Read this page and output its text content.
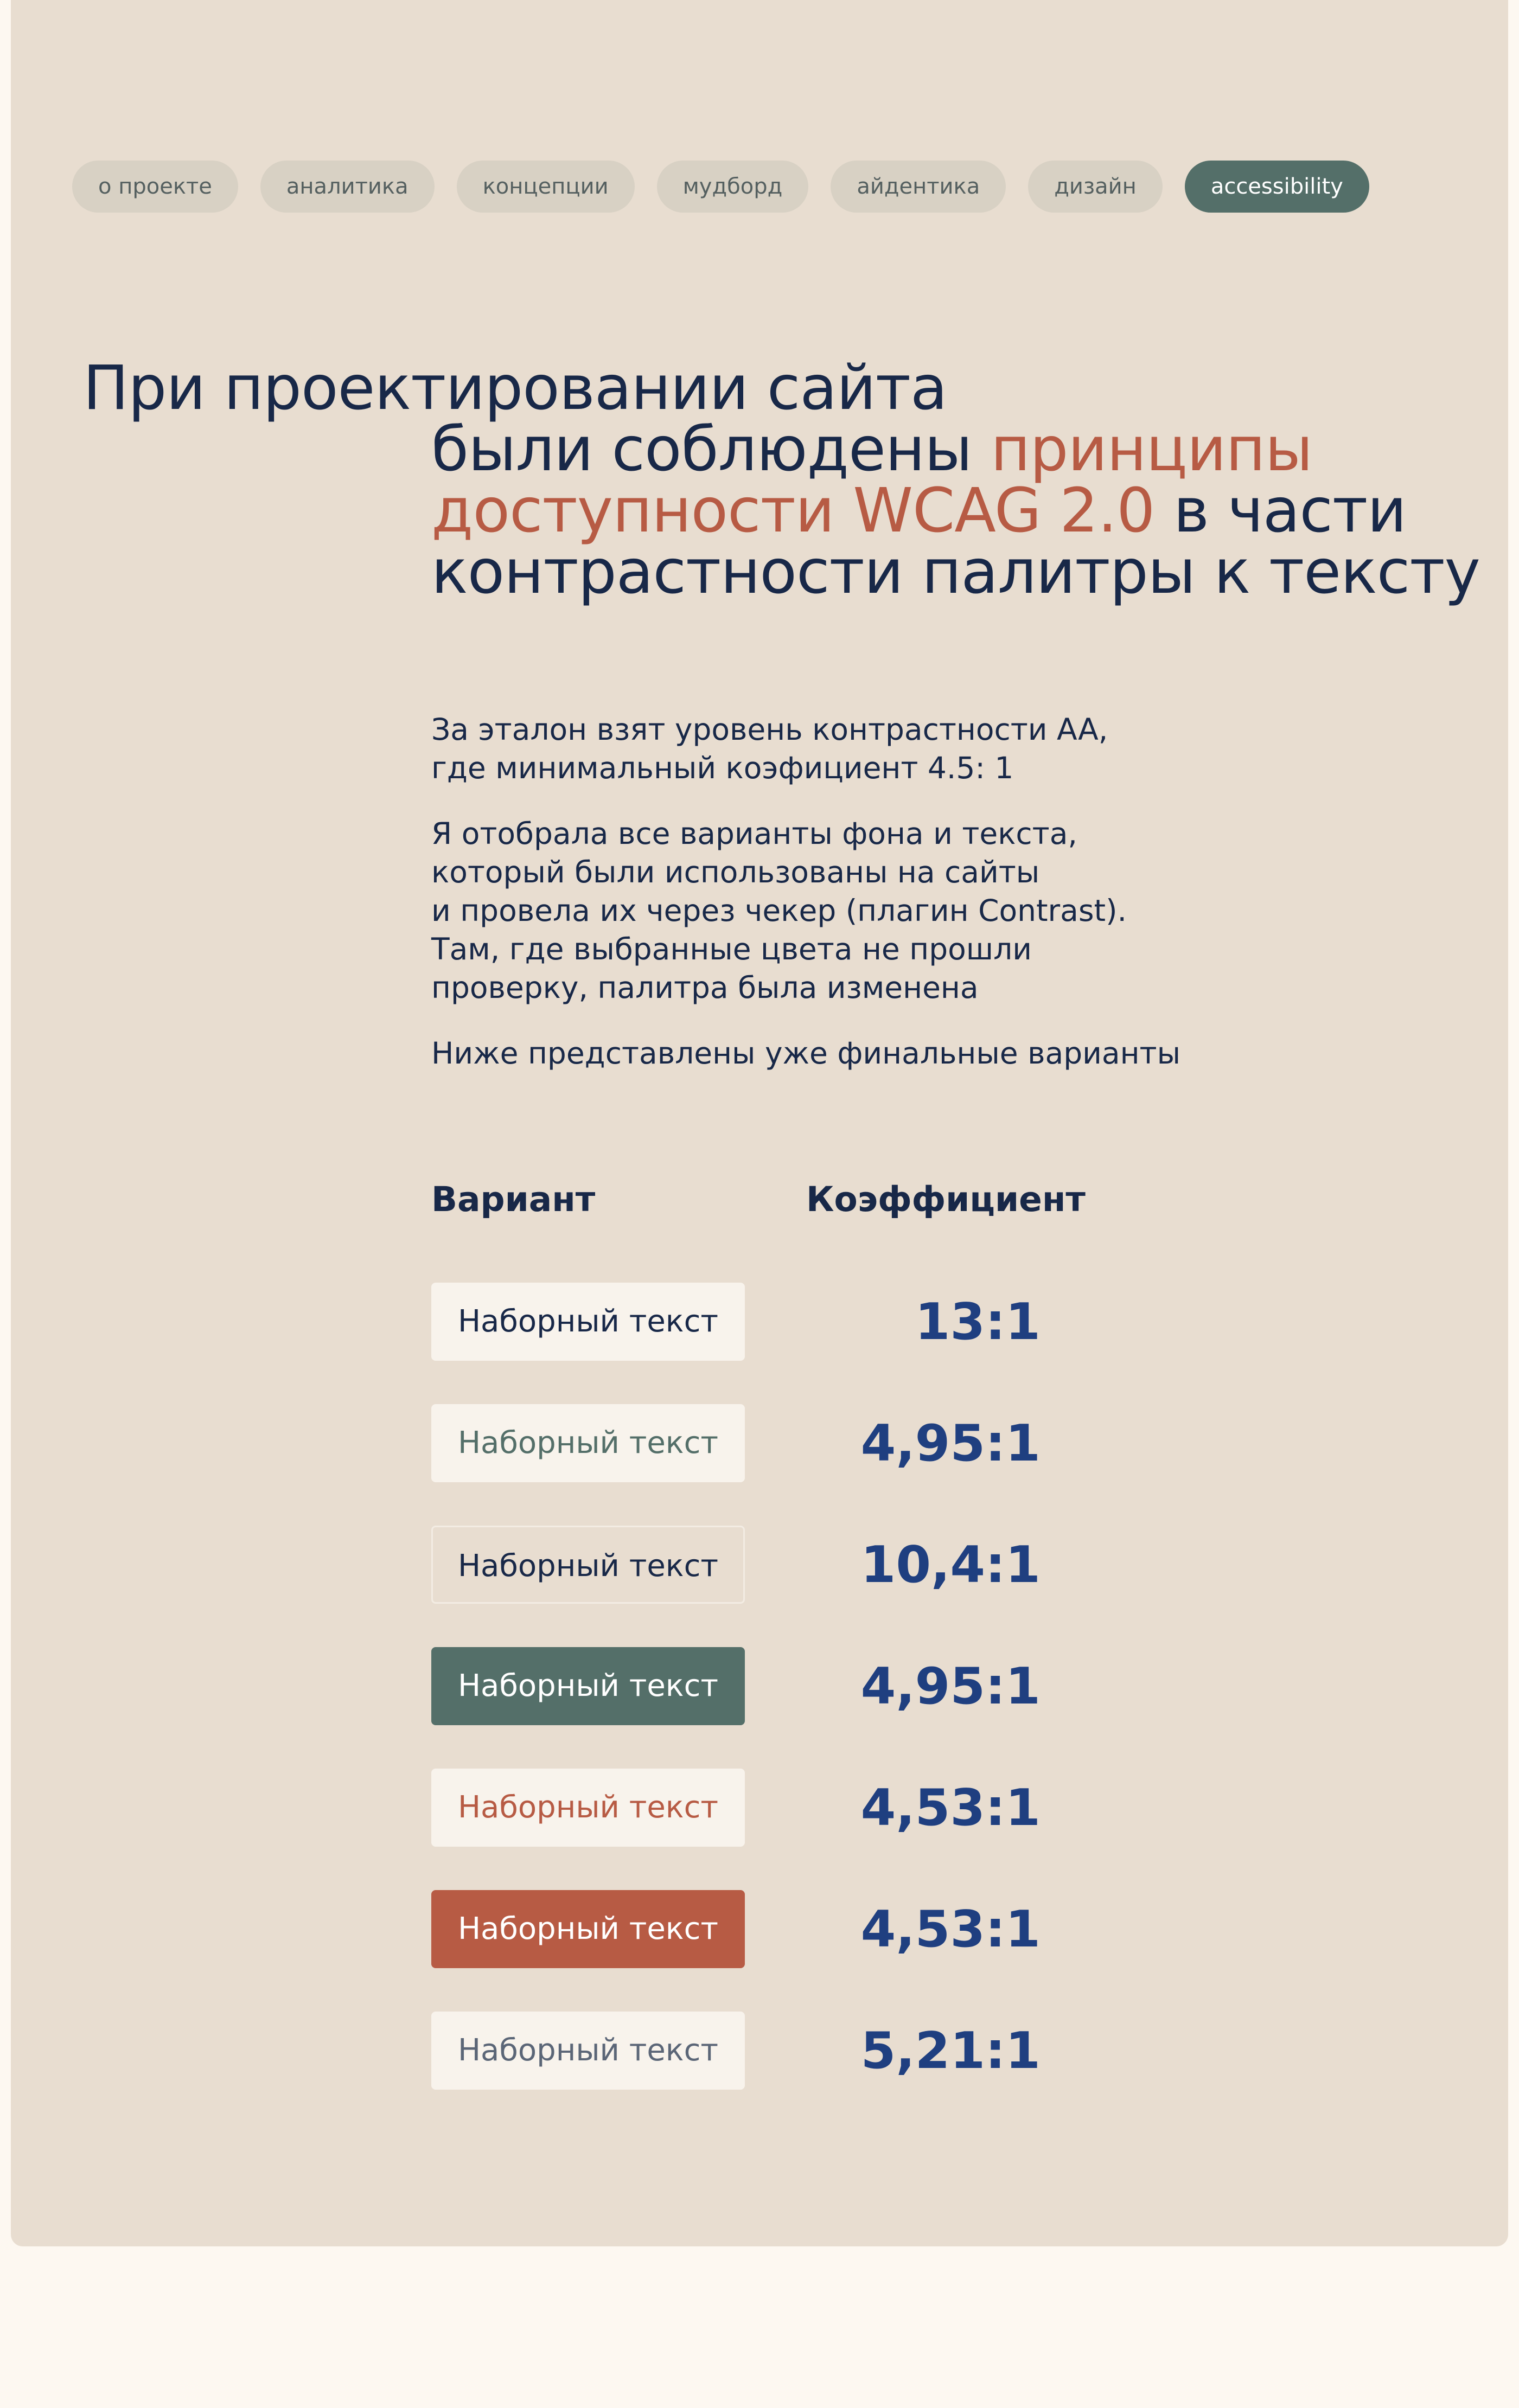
о проекте	аналитика	концепции	мудборд	айдентика	дизайн	accessibility
При проектировании сайта
были соблюдены принципы
доступности WCAG 2.0 в части
контрастности палитры к тексту

За эталон взят уровень контрастности AA,
где минимальный коэфициент 4.5: 1

Я отобрала все варианты фона и текста,
который были использованы на сайты
и провела их через чекер (плагин Contrast).
Там, где выбранные цвета не прошли
проверку, палитра была изменена

Ниже представлены уже финальные варианты

Вариант	Коэффициент
Наборный текст	13:1
Наборный текст	4,95:1
Наборный текст	10,4:1
Наборный текст	4,95:1
Наборный текст	4,53:1
Наборный текст	4,53:1
Наборный текст	5,21:1
